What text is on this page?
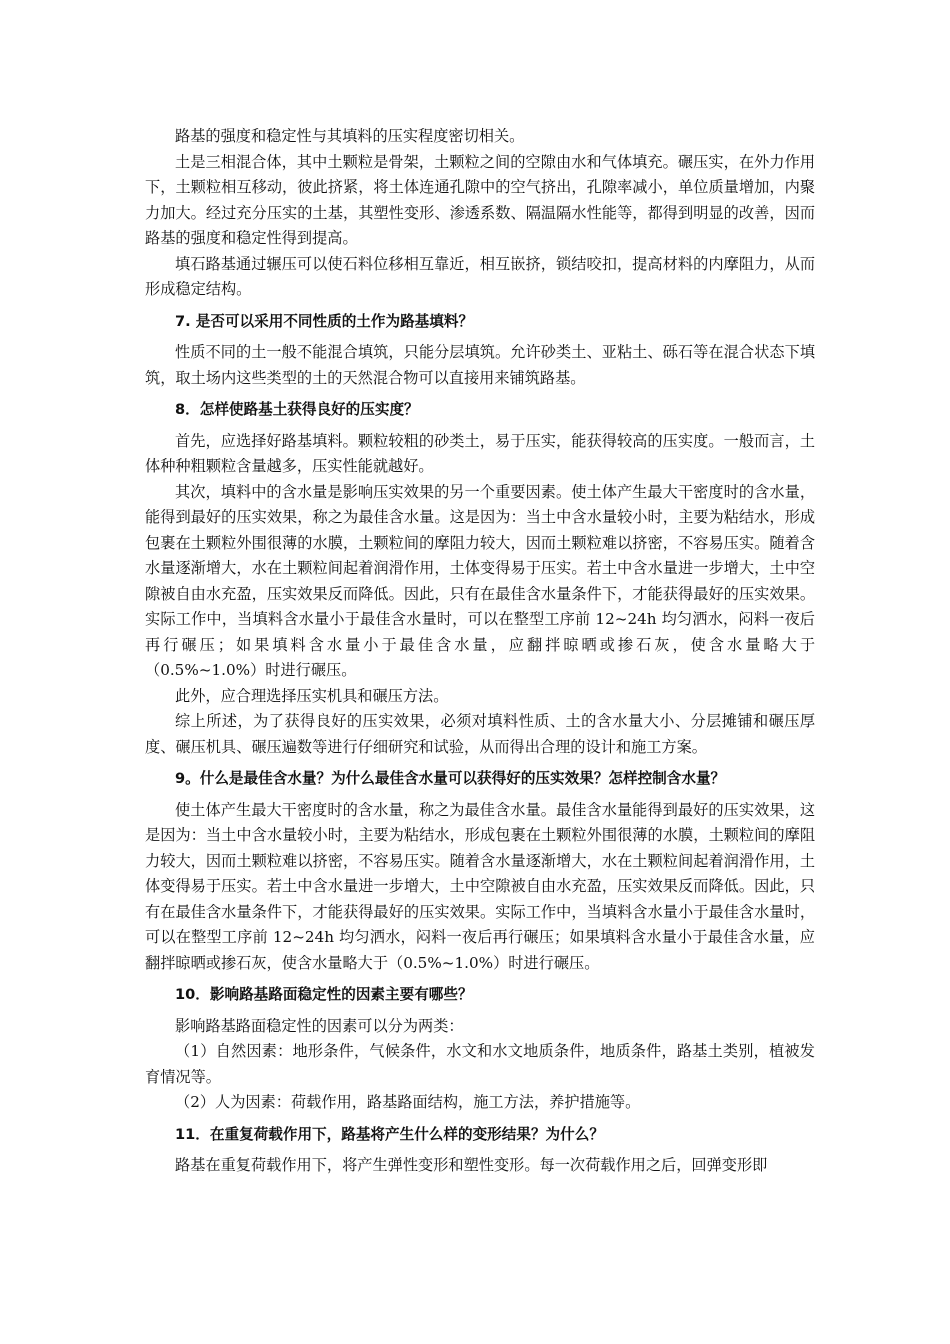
路基的强度和稳定性与其填料的压实程度密切相关。

土是三相混合体，其中土颗粒是骨架，土颗粒之间的空隙由水和气体填充。碾压实，在外力作用下，土颗粒相互移动，彼此挤紧，将土体连通孔隙中的空气挤出，孔隙率减小，单位质量增加，内聚力加大。经过充分压实的土基，其塑性变形、渗透系数、隔温隔水性能等，都得到明显的改善，因而路基的强度和稳定性得到提高。

填石路基通过辗压可以使石料位移相互靠近，相互嵌挤，锁结咬扣，提高材料的内摩阻力，从而形成稳定结构。

7. 是否可以采用不同性质的土作为路基填料？

性质不同的土一般不能混合填筑，只能分层填筑。允许砂类土、亚粘土、砾石等在混合状态下填筑，取土场内这些类型的土的天然混合物可以直接用来铺筑路基。

8．怎样使路基土获得良好的压实度？

首先，应选择好路基填料。颗粒较粗的砂类土，易于压实，能获得较高的压实度。一般而言，土体种种粗颗粒含量越多，压实性能就越好。

其次，填料中的含水量是影响压实效果的另一个重要因素。使土体产生最大干密度时的含水量，能得到最好的压实效果，称之为最佳含水量。这是因为：当土中含水量较小时，主要为粘结水，形成包裹在土颗粒外围很薄的水膜，土颗粒间的摩阻力较大，因而土颗粒难以挤密，不容易压实。随着含水量逐渐增大，水在土颗粒间起着润滑作用，土体变得易于压实。若土中含水量进一步增大，土中空隙被自由水充盈，压实效果反而降低。因此，只有在最佳含水量条件下，才能获得最好的压实效果。实际工作中，当填料含水量小于最佳含水量时，可以在整型工序前 12~24h 均匀洒水，闷料一夜后再行碾压；如果填料含水量小于最佳含水量，应翻拌晾晒或掺石灰，使含水量略大于（0.5%~1.0%）时进行碾压。

此外，应合理选择压实机具和碾压方法。

综上所述，为了获得良好的压实效果，必须对填料性质、土的含水量大小、分层摊铺和碾压厚度、碾压机具、碾压遍数等进行仔细研究和试验，从而得出合理的设计和施工方案。

9。什么是最佳含水量？为什么最佳含水量可以获得好的压实效果？怎样控制含水量？

使土体产生最大干密度时的含水量，称之为最佳含水量。最佳含水量能得到最好的压实效果，这是因为：当土中含水量较小时，主要为粘结水，形成包裹在土颗粒外围很薄的水膜，土颗粒间的摩阻力较大，因而土颗粒难以挤密，不容易压实。随着含水量逐渐增大，水在土颗粒间起着润滑作用，土体变得易于压实。若土中含水量进一步增大，土中空隙被自由水充盈，压实效果反而降低。因此，只有在最佳含水量条件下，才能获得最好的压实效果。实际工作中，当填料含水量小于最佳含水量时，可以在整型工序前 12~24h 均匀洒水，闷料一夜后再行碾压；如果填料含水量小于最佳含水量，应翻拌晾晒或掺石灰，使含水量略大于（0.5%~1.0%）时进行碾压。

10．影响路基路面稳定性的因素主要有哪些？

影响路基路面稳定性的因素可以分为两类：

（1）自然因素：地形条件，气候条件，水文和水文地质条件，地质条件，路基土类别，植被发育情况等。

（2）人为因素：荷载作用，路基路面结构，施工方法，养护措施等。

11．在重复荷载作用下，路基将产生什么样的变形结果？为什么？

路基在重复荷载作用下，将产生弹性变形和塑性变形。每一次荷载作用之后，回弹变形即
